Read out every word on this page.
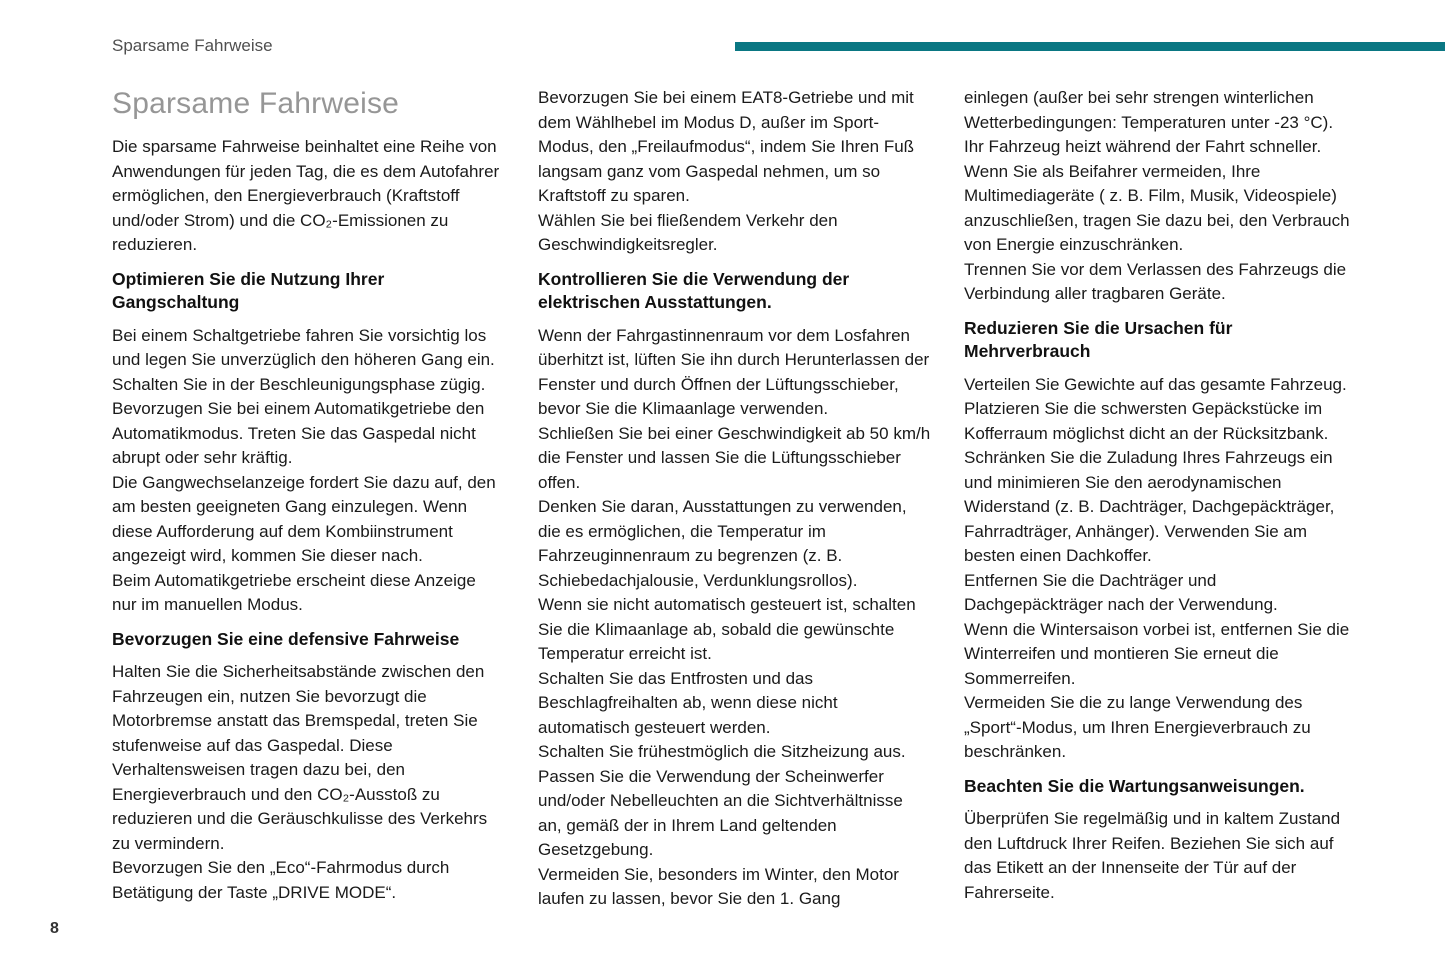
Sparsame Fahrweise
Sparsame Fahrweise

Die sparsame Fahrweise beinhaltet eine Reihe von Anwendungen für jeden Tag, die es dem Autofahrer ermöglichen, den Energieverbrauch (Kraftstoff und/oder Strom) und die CO₂-Emissionen zu reduzieren.

Optimieren Sie die Nutzung Ihrer Gangschaltung

Bei einem Schaltgetriebe fahren Sie vorsichtig los und legen Sie unverzüglich den höheren Gang ein. Schalten Sie in der Beschleunigungsphase zügig. Bevorzugen Sie bei einem Automatikgetriebe den Automatikmodus. Treten Sie das Gaspedal nicht abrupt oder sehr kräftig.

Die Gangwechselanzeige fordert Sie dazu auf, den am besten geeigneten Gang einzulegen. Wenn diese Aufforderung auf dem Kombiinstrument angezeigt wird, kommen Sie dieser nach.

Beim Automatikgetriebe erscheint diese Anzeige nur im manuellen Modus.

Bevorzugen Sie eine defensive Fahrweise

Halten Sie die Sicherheitsabstände zwischen den Fahrzeugen ein, nutzen Sie bevorzugt die Motorbremse anstatt das Bremspedal, treten Sie stufenweise auf das Gaspedal. Diese Verhaltensweisen tragen dazu bei, den Energieverbrauch und den CO₂-Ausstoß zu reduzieren und die Geräuschkulisse des Verkehrs zu vermindern.

Bevorzugen Sie den „Eco“-Fahrmodus durch Betätigung der Taste „DRIVE MODE“.

Bevorzugen Sie bei einem EAT8-Getriebe und mit dem Wählhebel im Modus D, außer im Sport-Modus, den „Freilaufmodus“, indem Sie Ihren Fuß langsam ganz vom Gaspedal nehmen, um so Kraftstoff zu sparen.

Wählen Sie bei fließendem Verkehr den Geschwindigkeitsregler.

Kontrollieren Sie die Verwendung der elektrischen Ausstattungen.

Wenn der Fahrgastinnenraum vor dem Losfahren überhitzt ist, lüften Sie ihn durch Herunterlassen der Fenster und durch Öffnen der Lüftungsschieber, bevor Sie die Klimaanlage verwenden.

Schließen Sie bei einer Geschwindigkeit ab 50 km/h die Fenster und lassen Sie die Lüftungsschieber offen.

Denken Sie daran, Ausstattungen zu verwenden, die es ermöglichen, die Temperatur im Fahrzeuginnenraum zu begrenzen (z. B. Schiebedachjalousie, Verdunklungsrollos).

Wenn sie nicht automatisch gesteuert ist, schalten Sie die Klimaanlage ab, sobald die gewünschte Temperatur erreicht ist.

Schalten Sie das Entfrosten und das Beschlagfreihalten ab, wenn diese nicht automatisch gesteuert werden.

Schalten Sie frühestmöglich die Sitzheizung aus.

Passen Sie die Verwendung der Scheinwerfer und/oder Nebelleuchten an die Sichtverhältnisse an, gemäß der in Ihrem Land geltenden Gesetzgebung.

Vermeiden Sie, besonders im Winter, den Motor laufen zu lassen, bevor Sie den 1. Gang

einlegen (außer bei sehr strengen winterlichen Wetterbedingungen: Temperaturen unter -23 °C). Ihr Fahrzeug heizt während der Fahrt schneller.

Wenn Sie als Beifahrer vermeiden, Ihre Multimediageräte ( z. B. Film, Musik, Videospiele) anzuschließen, tragen Sie dazu bei, den Verbrauch von Energie einzuschränken.

Trennen Sie vor dem Verlassen des Fahrzeugs die Verbindung aller tragbaren Geräte.

Reduzieren Sie die Ursachen für Mehrverbrauch

Verteilen Sie Gewichte auf das gesamte Fahrzeug. Platzieren Sie die schwersten Gepäckstücke im Kofferraum möglichst dicht an der Rücksitzbank.

Schränken Sie die Zuladung Ihres Fahrzeugs ein und minimieren Sie den aerodynamischen Widerstand (z. B. Dachträger, Dachgepäckträger, Fahrradträger, Anhänger). Verwenden Sie am besten einen Dachkoffer.

Entfernen Sie die Dachträger und Dachgepäckträger nach der Verwendung.

Wenn die Wintersaison vorbei ist, entfernen Sie die Winterreifen und montieren Sie erneut die Sommerreifen.

Vermeiden Sie die zu lange Verwendung des „Sport“-Modus, um Ihren Energieverbrauch zu beschränken.

Beachten Sie die Wartungsanweisungen.

Überprüfen Sie regelmäßig und in kaltem Zustand den Luftdruck Ihrer Reifen. Beziehen Sie sich auf das Etikett an der Innenseite der Tür auf der Fahrerseite.

8
